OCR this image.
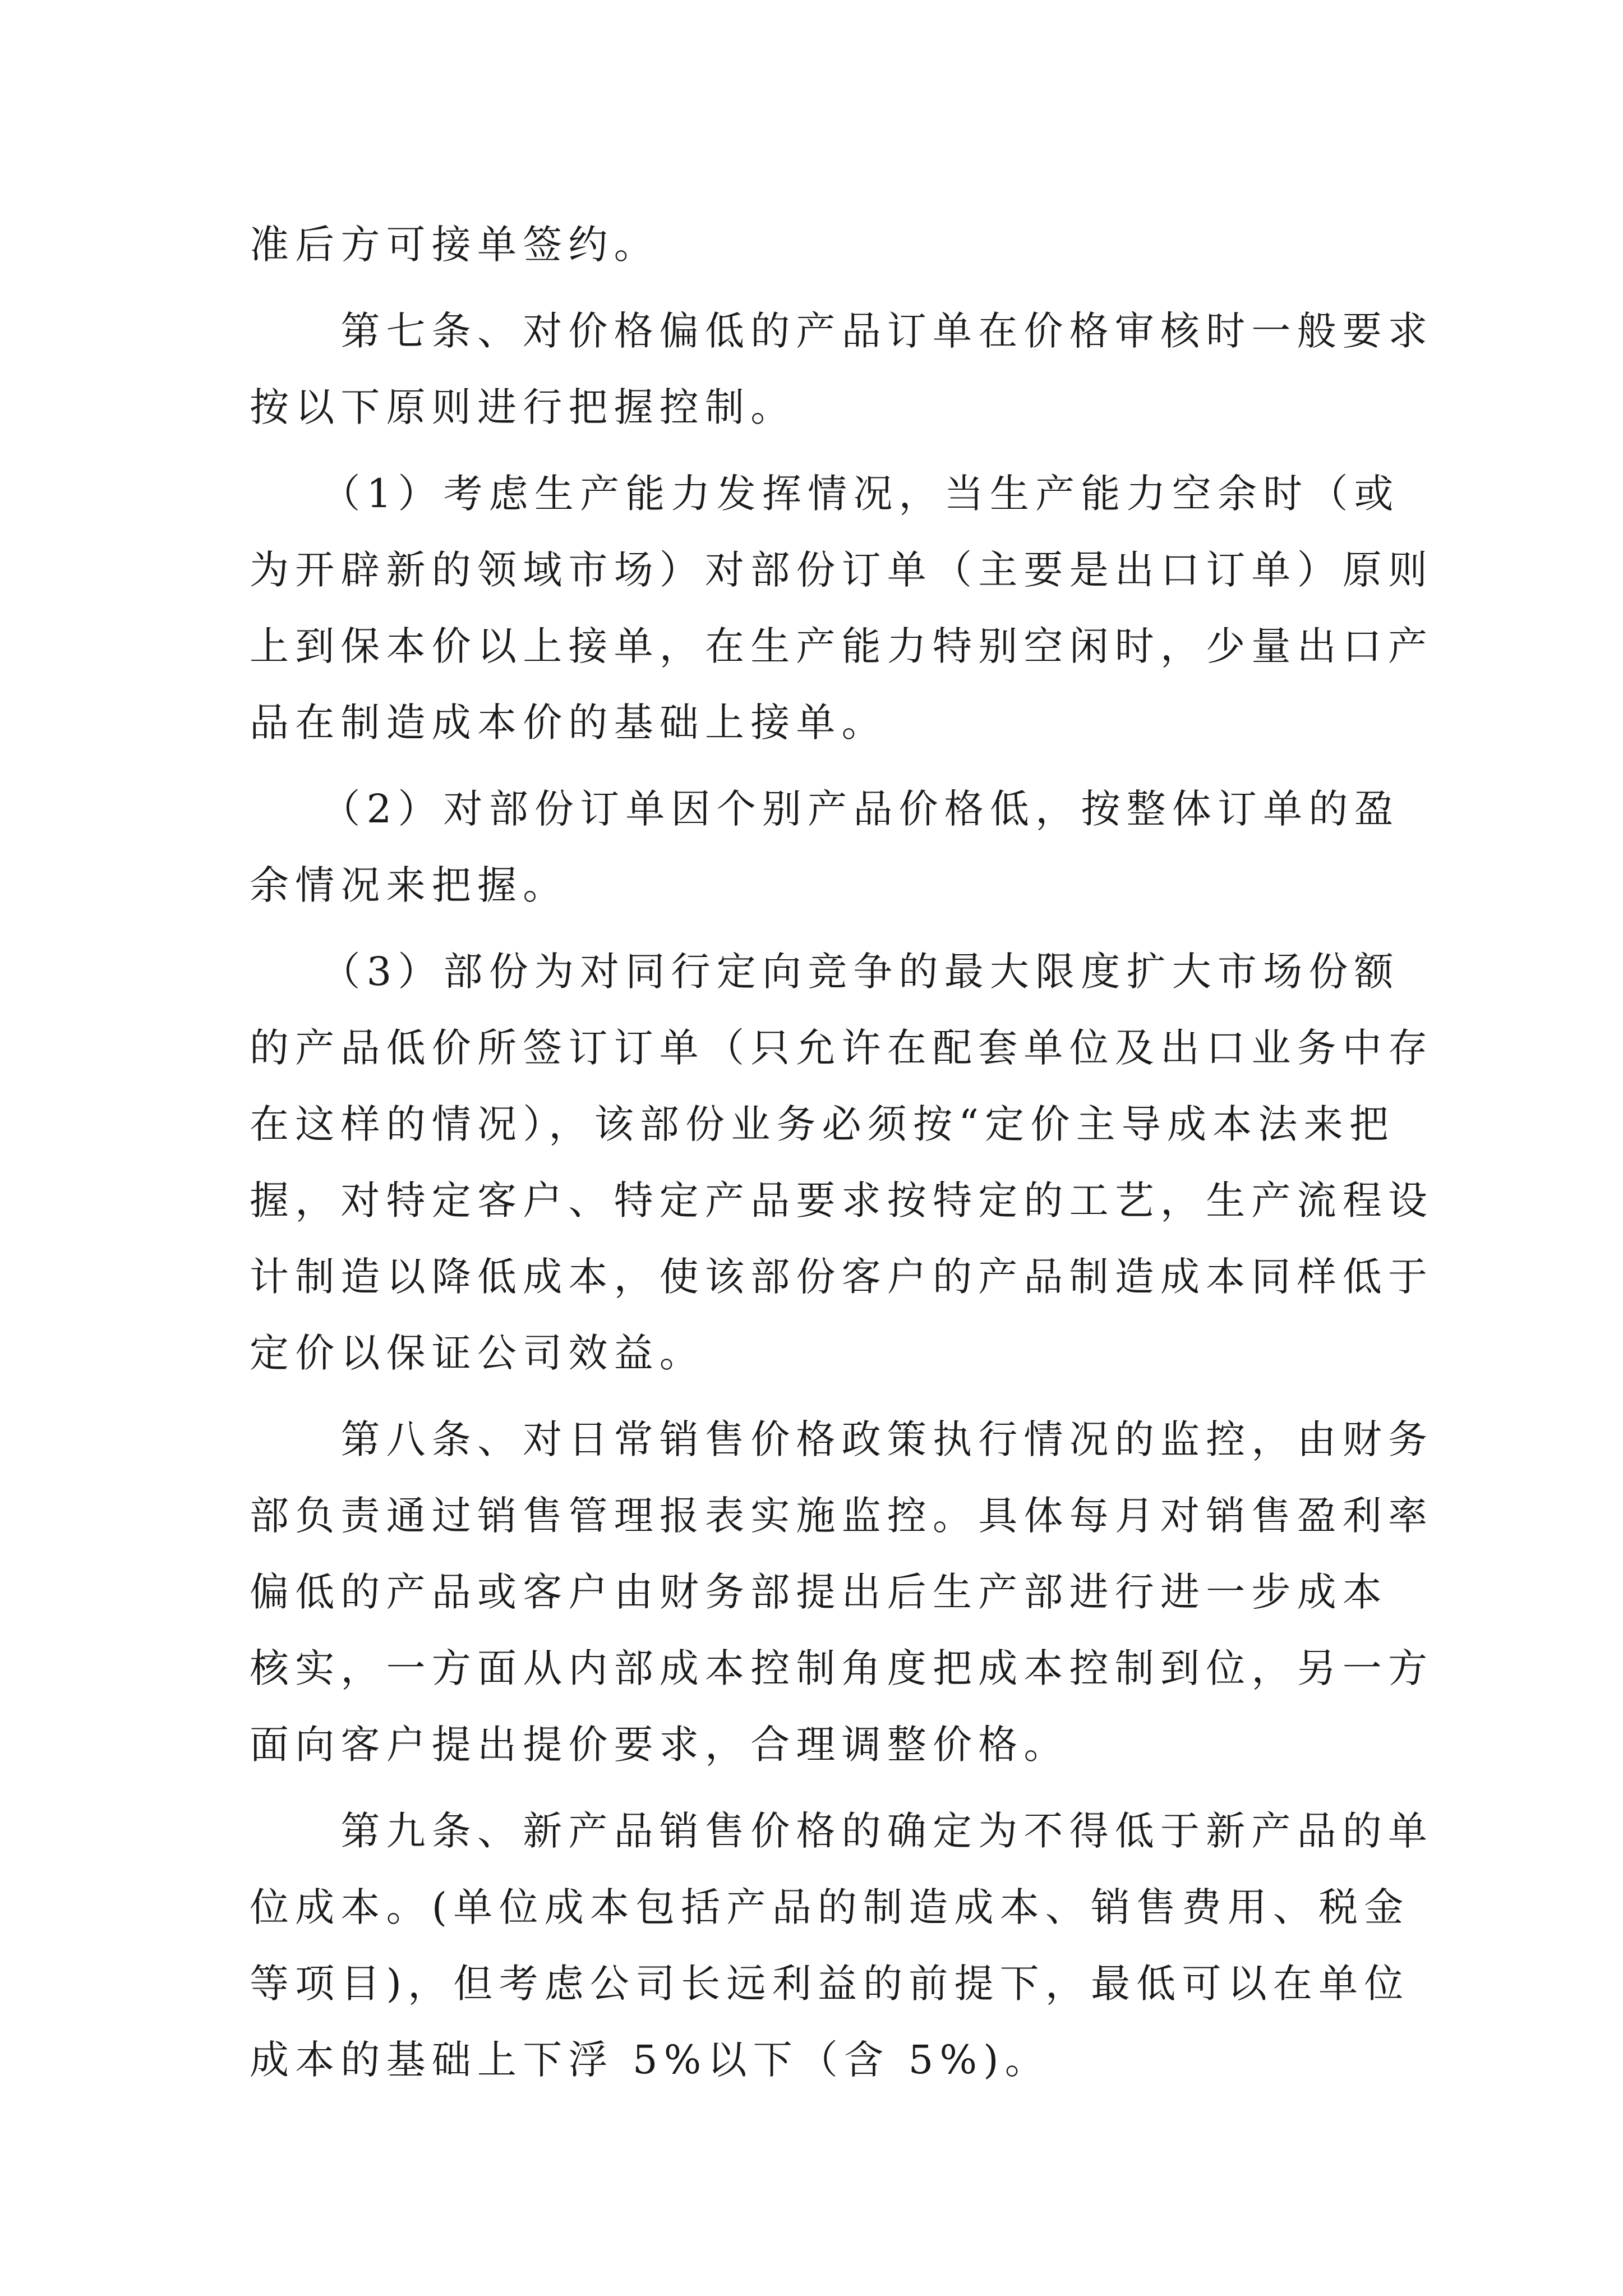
准后方可接单签约。
　　第七条、对价格偏低的产品订单在价格审核时一般要求
按以下原则进行把握控制。
　　（1）考虑生产能力发挥情况，当生产能力空余时（或
为开辟新的领域市场）对部份订单（主要是出口订单）原则
上到保本价以上接单，在生产能力特别空闲时，少量出口产
品在制造成本价的基础上接单。
　　（2）对部份订单因个别产品价格低，按整体订单的盈
余情况来把握。
　　（3）部份为对同行定向竞争的最大限度扩大市场份额
的产品低价所签订订单（只允许在配套单位及出口业务中存
在这样的情况），该部份业务必须按“定价主导成本法来把
握，对特定客户、特定产品要求按特定的工艺，生产流程设
计制造以降低成本，使该部份客户的产品制造成本同样低于
定价以保证公司效益。
　　第八条、对日常销售价格政策执行情况的监控，由财务
部负责通过销售管理报表实施监控。具体每月对销售盈利率
偏低的产品或客户由财务部提出后生产部进行进一步成本
核实，一方面从内部成本控制角度把成本控制到位，另一方
面向客户提出提价要求，合理调整价格。
　　第九条、新产品销售价格的确定为不得低于新产品的单
位成本。(单位成本包括产品的制造成本、销售费用、税金
等项目)，但考虑公司长远利益的前提下，最低可以在单位
成本的基础上下浮 5%以下（含 5%)。
